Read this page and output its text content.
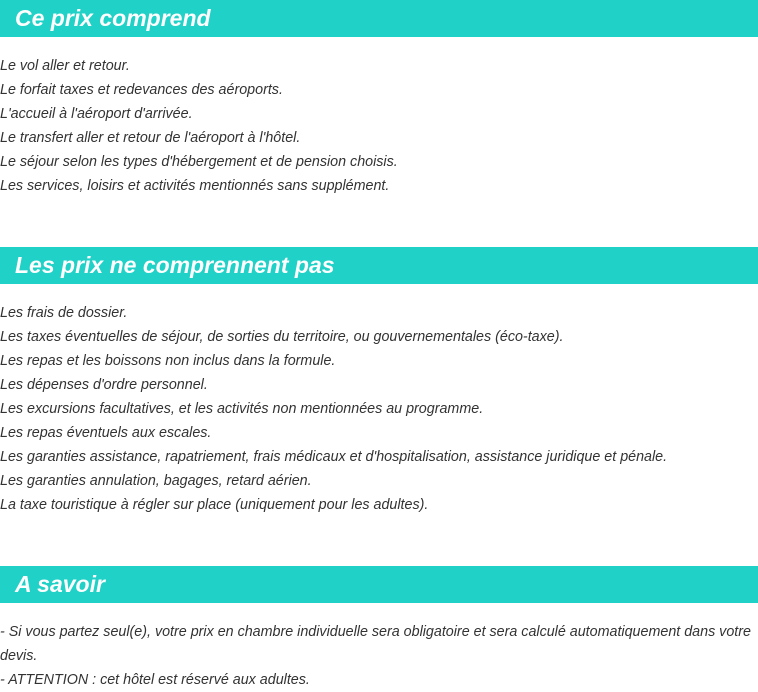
Ce prix comprend
Le vol aller et retour.
Le forfait taxes et redevances des aéroports.
L'accueil à l'aéroport d'arrivée.
Le transfert aller et retour de l'aéroport à l'hôtel.
Le séjour selon les types d'hébergement et de pension choisis.
Les services, loisirs et activités mentionnés sans supplément.
Les prix ne comprennent pas
Les frais de dossier.
Les taxes éventuelles de séjour, de sorties du territoire, ou gouvernementales (éco-taxe).
Les repas et les boissons non inclus dans la formule.
Les dépenses d'ordre personnel.
Les excursions facultatives, et les activités non mentionnées au programme.
Les repas éventuels aux escales.
Les garanties assistance, rapatriement, frais médicaux et d'hospitalisation, assistance juridique et pénale.
Les garanties annulation, bagages, retard aérien.
La taxe touristique à régler sur place (uniquement pour les adultes).
A savoir

- Si vous partez seul(e), votre prix en chambre individuelle sera obligatoire et sera calculé automatiquement dans votre devis.

- ATTENTION : cet hôtel est réservé aux adultes.
